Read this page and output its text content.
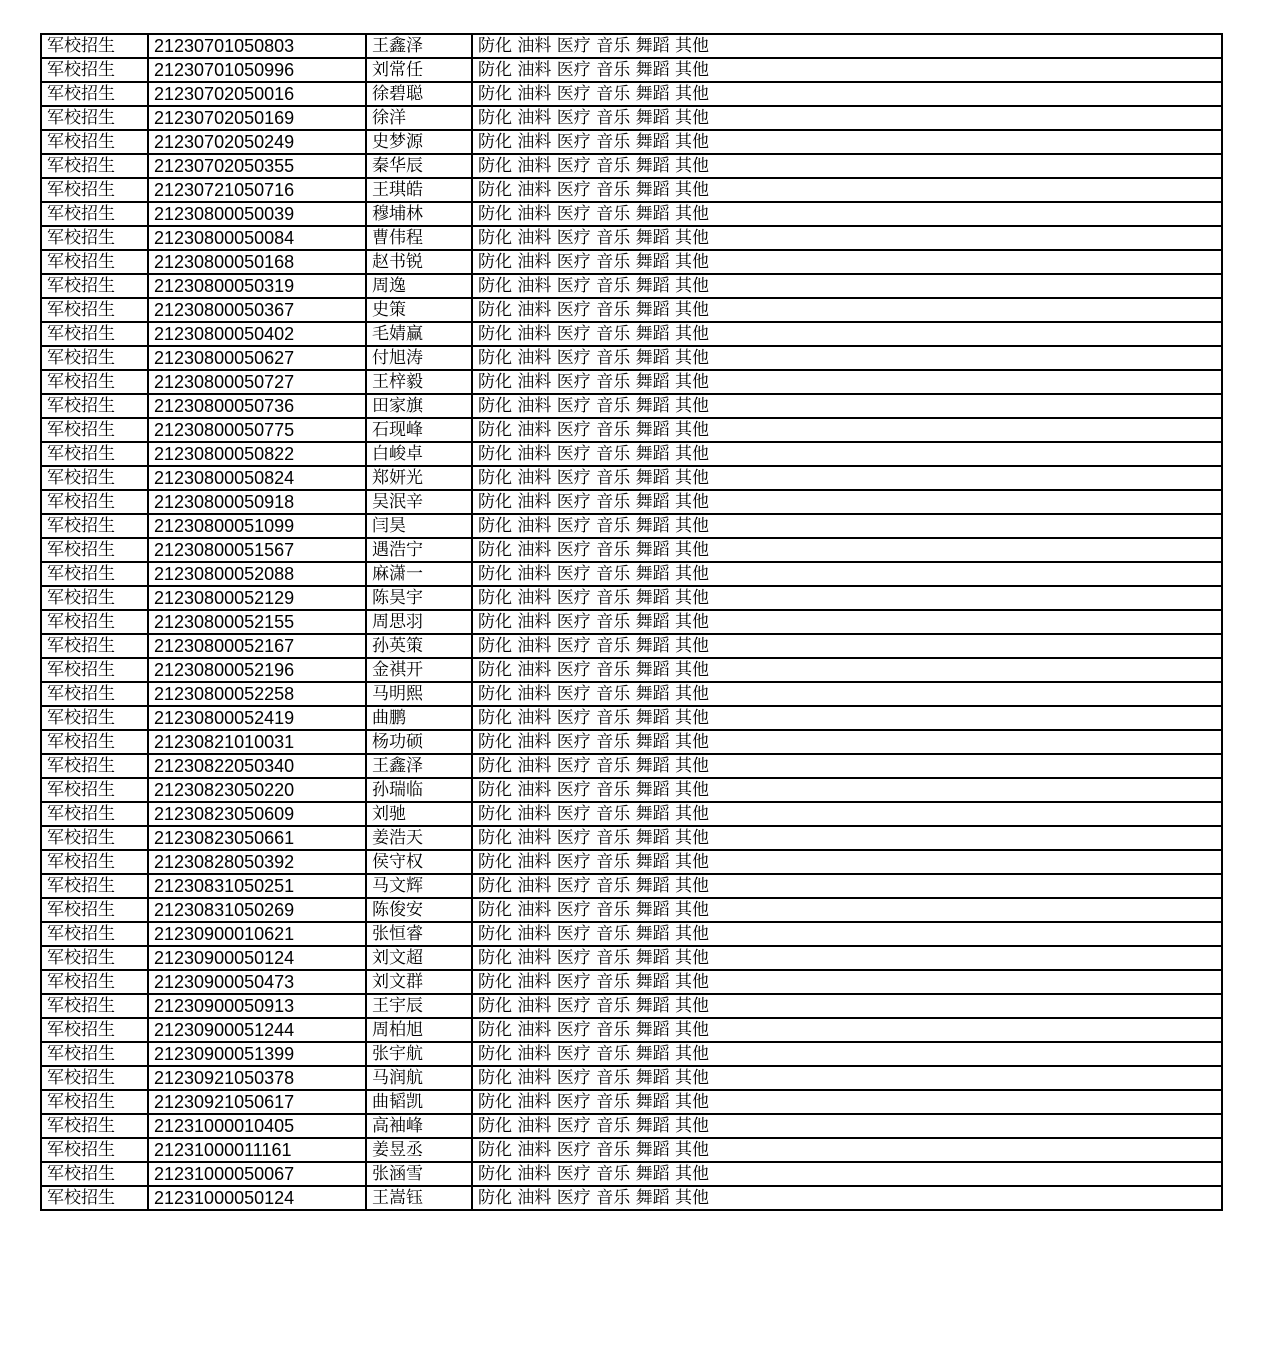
军校招生	21230701050803	王鑫泽	防化 油料 医疗 音乐 舞蹈 其他
军校招生	21230701050996	刘常任	防化 油料 医疗 音乐 舞蹈 其他
军校招生	21230702050016	徐碧聪	防化 油料 医疗 音乐 舞蹈 其他
军校招生	21230702050169	徐洋	防化 油料 医疗 音乐 舞蹈 其他
军校招生	21230702050249	史梦源	防化 油料 医疗 音乐 舞蹈 其他
军校招生	21230702050355	秦华辰	防化 油料 医疗 音乐 舞蹈 其他
军校招生	21230721050716	王琪皓	防化 油料 医疗 音乐 舞蹈 其他
军校招生	21230800050039	穆埔林	防化 油料 医疗 音乐 舞蹈 其他
军校招生	21230800050084	曹伟程	防化 油料 医疗 音乐 舞蹈 其他
军校招生	21230800050168	赵书锐	防化 油料 医疗 音乐 舞蹈 其他
军校招生	21230800050319	周逸	防化 油料 医疗 音乐 舞蹈 其他
军校招生	21230800050367	史策	防化 油料 医疗 音乐 舞蹈 其他
军校招生	21230800050402	毛婧赢	防化 油料 医疗 音乐 舞蹈 其他
军校招生	21230800050627	付旭涛	防化 油料 医疗 音乐 舞蹈 其他
军校招生	21230800050727	王梓毅	防化 油料 医疗 音乐 舞蹈 其他
军校招生	21230800050736	田家旗	防化 油料 医疗 音乐 舞蹈 其他
军校招生	21230800050775	石现峰	防化 油料 医疗 音乐 舞蹈 其他
军校招生	21230800050822	白峻卓	防化 油料 医疗 音乐 舞蹈 其他
军校招生	21230800050824	郑妍光	防化 油料 医疗 音乐 舞蹈 其他
军校招生	21230800050918	吴泯辛	防化 油料 医疗 音乐 舞蹈 其他
军校招生	21230800051099	闫昊	防化 油料 医疗 音乐 舞蹈 其他
军校招生	21230800051567	遇浩宁	防化 油料 医疗 音乐 舞蹈 其他
军校招生	21230800052088	麻潇一	防化 油料 医疗 音乐 舞蹈 其他
军校招生	21230800052129	陈昊宇	防化 油料 医疗 音乐 舞蹈 其他
军校招生	21230800052155	周思羽	防化 油料 医疗 音乐 舞蹈 其他
军校招生	21230800052167	孙英策	防化 油料 医疗 音乐 舞蹈 其他
军校招生	21230800052196	金祺开	防化 油料 医疗 音乐 舞蹈 其他
军校招生	21230800052258	马明熙	防化 油料 医疗 音乐 舞蹈 其他
军校招生	21230800052419	曲鹏	防化 油料 医疗 音乐 舞蹈 其他
军校招生	21230821010031	杨功硕	防化 油料 医疗 音乐 舞蹈 其他
军校招生	21230822050340	王鑫泽	防化 油料 医疗 音乐 舞蹈 其他
军校招生	21230823050220	孙瑞临	防化 油料 医疗 音乐 舞蹈 其他
军校招生	21230823050609	刘驰	防化 油料 医疗 音乐 舞蹈 其他
军校招生	21230823050661	姜浩天	防化 油料 医疗 音乐 舞蹈 其他
军校招生	21230828050392	侯守权	防化 油料 医疗 音乐 舞蹈 其他
军校招生	21230831050251	马文辉	防化 油料 医疗 音乐 舞蹈 其他
军校招生	21230831050269	陈俊安	防化 油料 医疗 音乐 舞蹈 其他
军校招生	21230900010621	张恒睿	防化 油料 医疗 音乐 舞蹈 其他
军校招生	21230900050124	刘文超	防化 油料 医疗 音乐 舞蹈 其他
军校招生	21230900050473	刘文群	防化 油料 医疗 音乐 舞蹈 其他
军校招生	21230900050913	王宇辰	防化 油料 医疗 音乐 舞蹈 其他
军校招生	21230900051244	周柏旭	防化 油料 医疗 音乐 舞蹈 其他
军校招生	21230900051399	张宇航	防化 油料 医疗 音乐 舞蹈 其他
军校招生	21230921050378	马润航	防化 油料 医疗 音乐 舞蹈 其他
军校招生	21230921050617	曲韬凯	防化 油料 医疗 音乐 舞蹈 其他
军校招生	21231000010405	高袖峰	防化 油料 医疗 音乐 舞蹈 其他
军校招生	21231000011161	姜昱丞	防化 油料 医疗 音乐 舞蹈 其他
军校招生	21231000050067	张涵雪	防化 油料 医疗 音乐 舞蹈 其他
军校招生	21231000050124	王嵩钰	防化 油料 医疗 音乐 舞蹈 其他
